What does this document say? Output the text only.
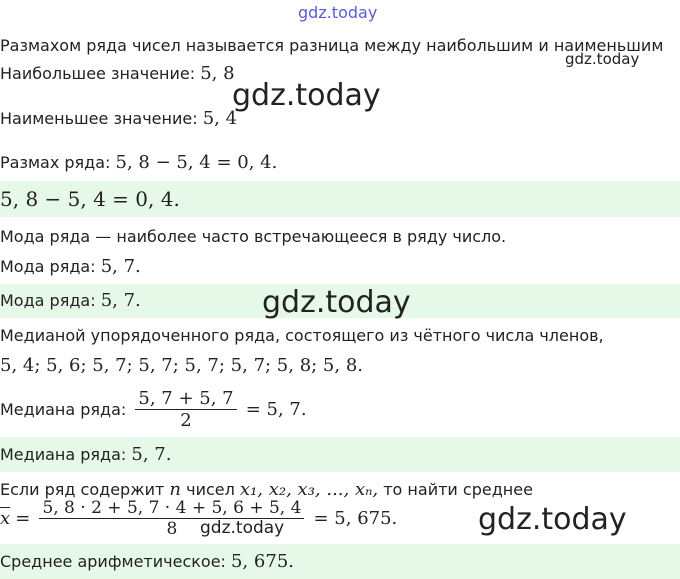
gdz.today
gdz.today
gdz.today
gdz.today
gdz.today	gdz.today
Размахом ряда чисел называется разница между наибольшим и наименьшим
Наибольшее значение: 5, 8
Наименьшее значение: 5, 4
Размах ряда: 5, 8 − 5, 4 = 0, 4.
5, 8 − 5, 4 = 0, 4.
Мода ряда — наиболее часто встречающееся в ряду число.
Мода ряда: 5, 7.
Мода ряда: 5, 7.
Медианой упорядоченного ряда, состоящего из чётного числа членов,
5, 4; 5, 6; 5, 7; 5, 7; 5, 7; 5, 7; 5, 8; 5, 8.
Медиана ряда: $\frac{5, 7 + 5, 7}{2} = 5$, 7.
Медиана ряда: 5, 7.
Если ряд содержит n чисел x₁, x₂, x₃, ..., xₙ, то найти среднее
$\overline{x} = \frac{5, 8 \cdot 2 + 5, 7 \cdot 4 + 5, 6 + 5, 4}{8} = 5$, 675.
Среднее арифметическое: 5, 675.
